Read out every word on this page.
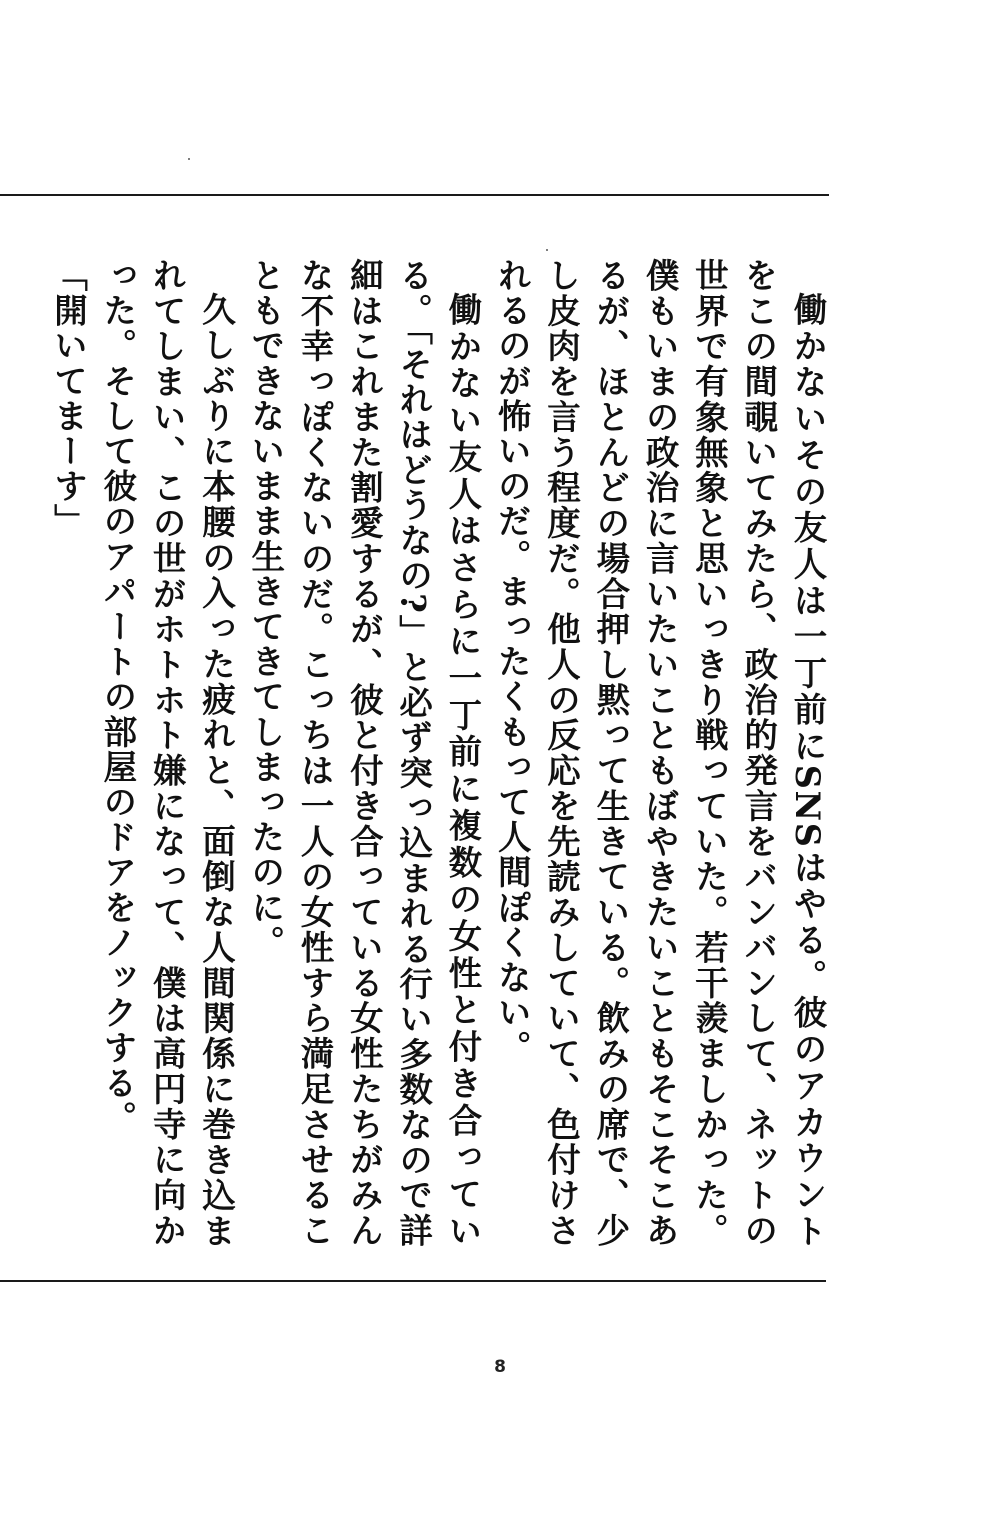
働かないその友人は一丁前にSNSはやる。彼のアカウントをこの間覗いてみたら、政治的発言をバンバンして、ネットの世界で有象無象と思いっきり戦っていた。若干羨ましかった。僕もいまの政治に言いたいこともぼやきたいこともそこそこあるが、ほとんどの場合押し黙って生きている。飲みの席で、少し皮肉を言う程度だ。他人の反応を先読みしていて、色付けされるのが怖いのだ。まったくもって人間ぽくない。

働かない友人はさらに一丁前に複数の女性と付き合っている。「それはどうなの?」と必ず突っ込まれる行い多数なので詳細はこれまた割愛するが、彼と付き合っている女性たちがみんな不幸っぽくないのだ。こっちは一人の女性すら満足させることもできないまま生きてきてしまったのに。

久しぶりに本腰の入った疲れと、面倒な人間関係に巻き込まれてしまい、この世がホトホト嫌になって、僕は高円寺に向かった。そして彼のアパートの部屋のドアをノックする。

「開いてまーす」

8
